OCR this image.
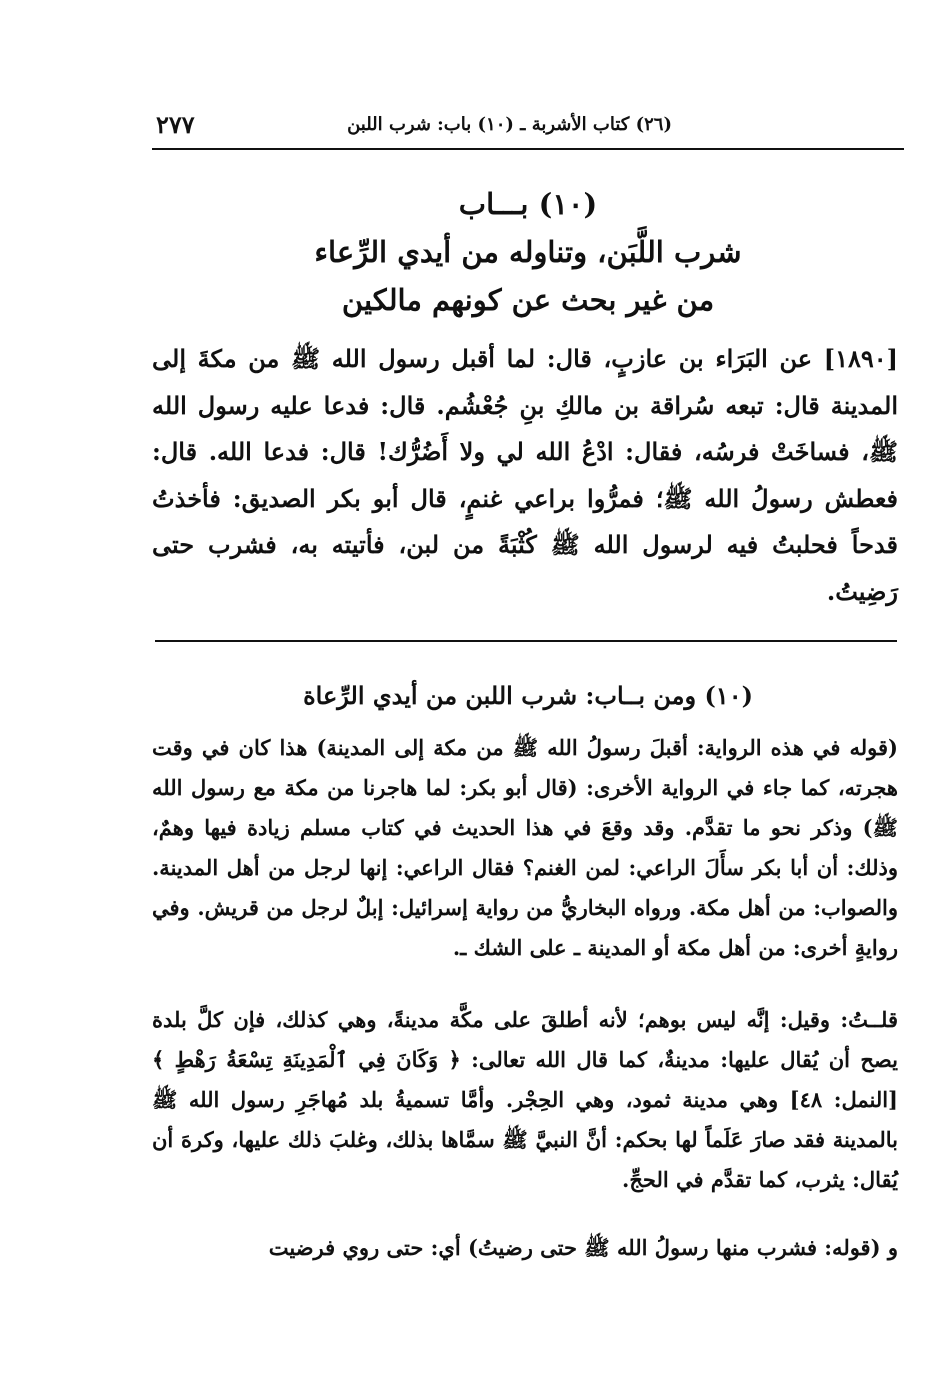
(٢٦) كتاب الأشربة ـ (١٠) باب: شرب اللبن
٢٧٧
(١٠) بـــاب
شرب اللَّبَن، وتناوله من أيدي الرِّعاء
من غير بحث عن كونهم مالكين

[١٨٩٠] عن البَرَاء بن عازبٍ، قال: لما أقبل رسول الله ﷺ من مكةَ إلى المدينة قال: تبعه سُراقة بن مالكِ بنِ جُعْشُم. قال: فدعا عليه رسول الله ﷺ، فساخَتْ فرسُه، فقال: ادْعُ الله لي ولا أَضُرُّك! قال: فدعا الله. قال: فعطش رسولُ الله ﷺ؛ فمرُّوا براعي غنمٍ، قال أبو بكر الصديق: فأخذتُ قدحاً فحلبتُ فيه لرسول الله ﷺ كُثْبَةً من لبن، فأتيته به، فشرب حتى رَضِيتُ.

(١٠) ومن بــاب: شرب اللبن من أيدي الرِّعاة

(قوله في هذه الرواية: أقبلَ رسولُ الله ﷺ من مكة إلى المدينة) هذا كان في وقت هجرته، كما جاء في الرواية الأخرى: (قال أبو بكر: لما هاجرنا من مكة مع رسول الله ﷺ) وذكر نحو ما تقدَّم. وقد وقعَ في هذا الحديث في كتاب مسلم زيادة فيها وهمٌ، وذلك: أن أبا بكر سأَلَ الراعي: لمن الغنم؟ فقال الراعي: إنها لرجل من أهل المدينة. والصواب: من أهل مكة. ورواه البخاريُّ من رواية إسرائيل: إبلٌ لرجل من قريش. وفي روايةٍ أخرى: من أهل مكة أو المدينة ـ على الشك ـ.

قلــتُ: وقيل: إنَّه ليس بوهم؛ لأنه أطلقَ على مكَّة مدينةً، وهي كذلك، فإن كلَّ بلدة يصح أن يُقال عليها: مدينةٌ، كما قال الله تعالى: ﴿ وَكَانَ فِي ٱلْمَدِينَةِ تِسْعَةُ رَهْطٍ ﴾ [النمل: ٤٨] وهي مدينة ثمود، وهي الحِجْر. وأمَّا تسميةُ بلد مُهاجَرِ رسول الله ﷺ بالمدينة فقد صارَ عَلَماً لها بحكم: أنَّ النبيَّ ﷺ سمَّاها بذلك، وغلبَ ذلك عليها، وكرهَ أن يُقال: يثرب، كما تقدَّم في الحجِّ.

و (قوله: فشرب منها رسولُ الله ﷺ حتى رضيتُ) أي: حتى روي فرضيت
